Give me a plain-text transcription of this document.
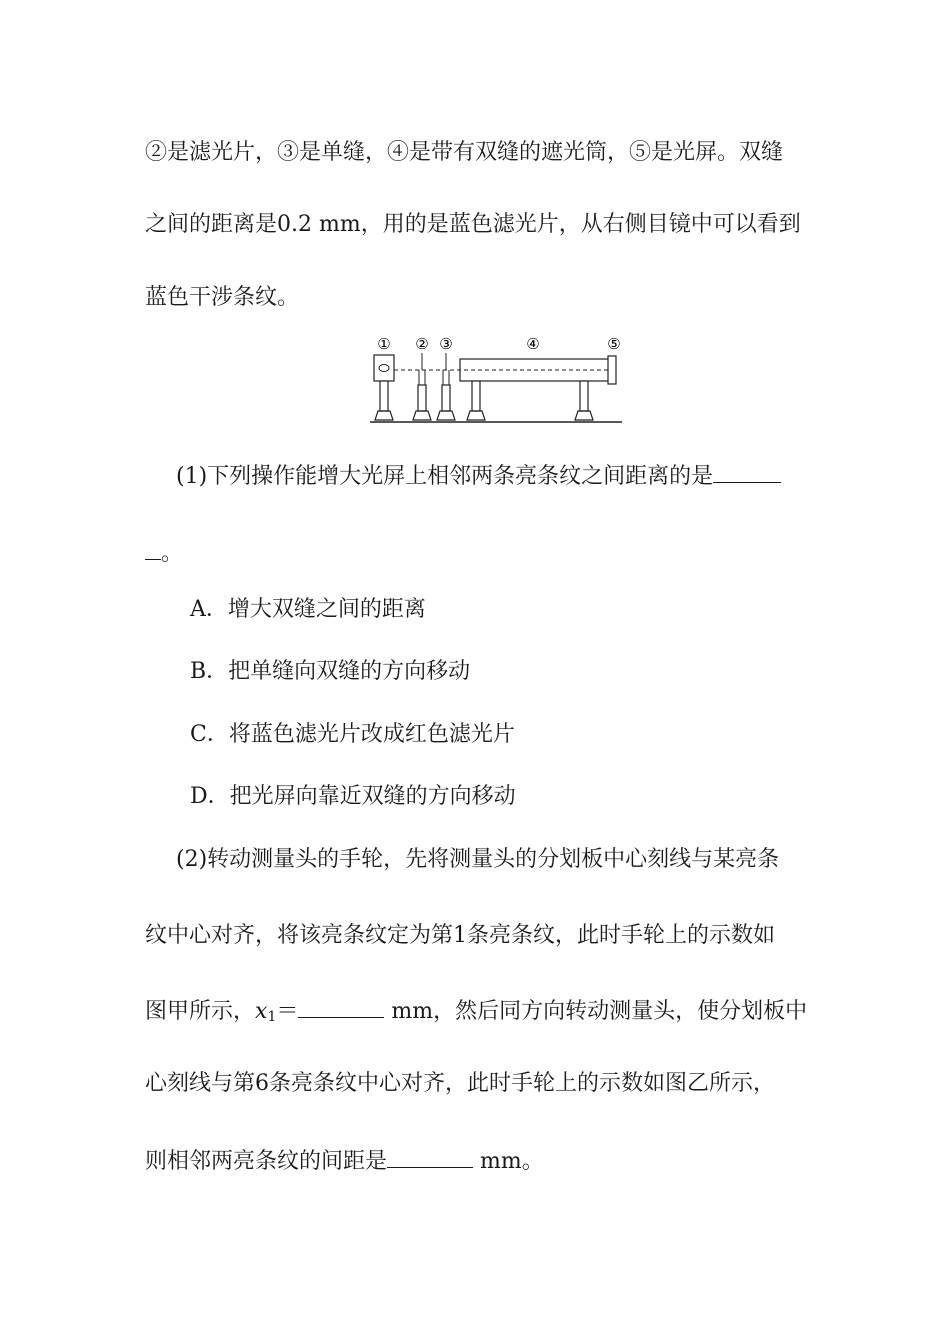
②是滤光片，③是单缝，④是带有双缝的遮光筒，⑤是光屏。双缝

之间的距离是0.2 mm，用的是蓝色滤光片，从右侧目镜中可以看到

蓝色干涉条纹。

① ② ③	④	⑤

(1)下列操作能增大光屏上相邻两条亮条纹之间距离的是

。

A．增大双缝之间的距离

B．把单缝向双缝的方向移动

C．将蓝色滤光片改成红色滤光片

D．把光屏向靠近双缝的方向移动

(2)转动测量头的手轮，先将测量头的分划板中心刻线与某亮条

纹中心对齐，将该亮条纹定为第1条亮条纹，此时手轮上的示数如

图甲所示，$x_1=$	mm，然后同方向转动测量头，使分划板中

心刻线与第6条亮条纹中心对齐，此时手轮上的示数如图乙所示，

则相邻两亮条纹的间距是	mm。
